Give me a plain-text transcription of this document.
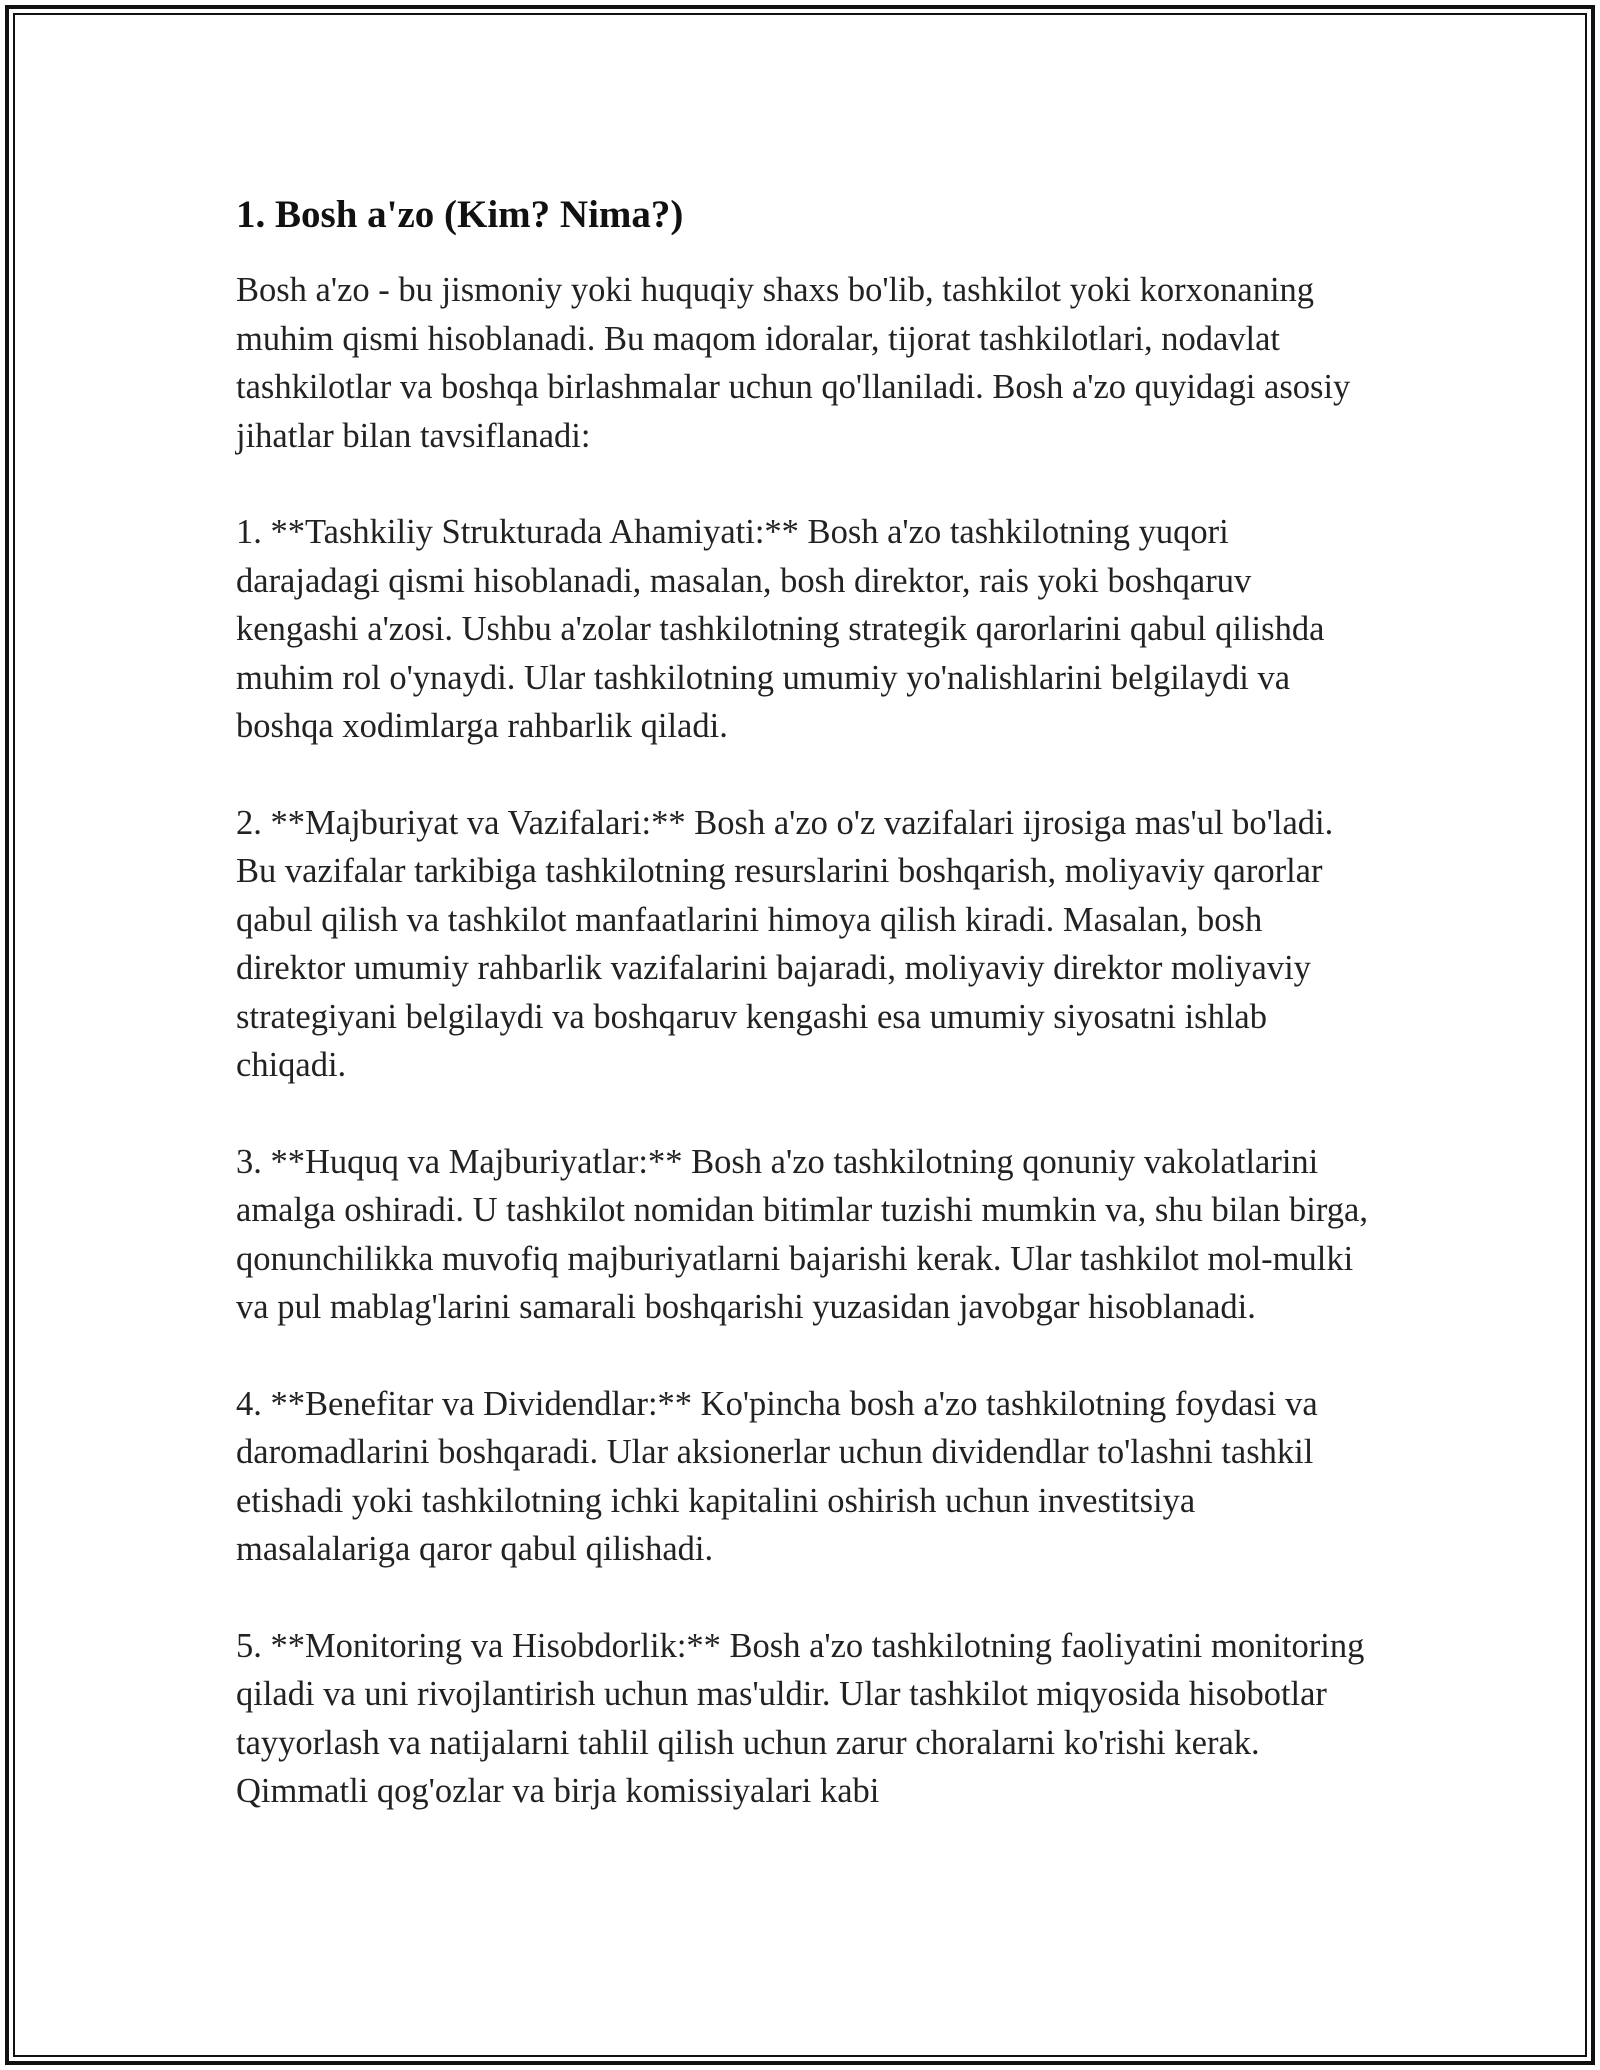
1. Bosh a'zo (Kim? Nima?)

Bosh a'zo - bu jismoniy yoki huquqiy shaxs bo'lib, tashkilot yoki korxonaning muhim qismi hisoblanadi. Bu maqom idoralar, tijorat tashkilotlari, nodavlat tashkilotlar va boshqa birlashmalar uchun qo'llaniladi. Bosh a'zo quyidagi asosiy jihatlar bilan tavsiflanadi:

1. **Tashkiliy Strukturada Ahamiyati:** Bosh a'zo tashkilotning yuqori darajadagi qismi hisoblanadi, masalan, bosh direktor, rais yoki boshqaruv kengashi a'zosi. Ushbu a'zolar tashkilotning strategik qarorlarini qabul qilishda muhim rol o'ynaydi. Ular tashkilotning umumiy yo'nalishlarini belgilaydi va boshqa xodimlarga rahbarlik qiladi.

2. **Majburiyat va Vazifalari:** Bosh a'zo o'z vazifalari ijrosiga mas'ul bo'ladi. Bu vazifalar tarkibiga tashkilotning resurslarini boshqarish, moliyaviy qarorlar qabul qilish va tashkilot manfaatlarini himoya qilish kiradi. Masalan, bosh direktor umumiy rahbarlik vazifalarini bajaradi, moliyaviy direktor moliyaviy strategiyani belgilaydi va boshqaruv kengashi esa umumiy siyosatni ishlab chiqadi.

3. **Huquq va Majburiyatlar:** Bosh a'zo tashkilotning qonuniy vakolatlarini amalga oshiradi. U tashkilot nomidan bitimlar tuzishi mumkin va, shu bilan birga, qonunchilikka muvofiq majburiyatlarni bajarishi kerak. Ular tashkilot mol-mulki va pul mablag'larini samarali boshqarishi yuzasidan javobgar hisoblanadi.

4. **Benefitar va Dividendlar:** Ko'pincha bosh a'zo tashkilotning foydasi va daromadlarini boshqaradi. Ular aksionerlar uchun dividendlar to'lashni tashkil etishadi yoki tashkilotning ichki kapitalini oshirish uchun investitsiya masalalariga qaror qabul qilishadi.

5. **Monitoring va Hisobdorlik:** Bosh a'zo tashkilotning faoliyatini monitoring qiladi va uni rivojlantirish uchun mas'uldir. Ular tashkilot miqyosida hisobotlar tayyorlash va natijalarni tahlil qilish uchun zarur choralarni ko'rishi kerak. Qimmatli qog'ozlar va birja komissiyalari kabi
